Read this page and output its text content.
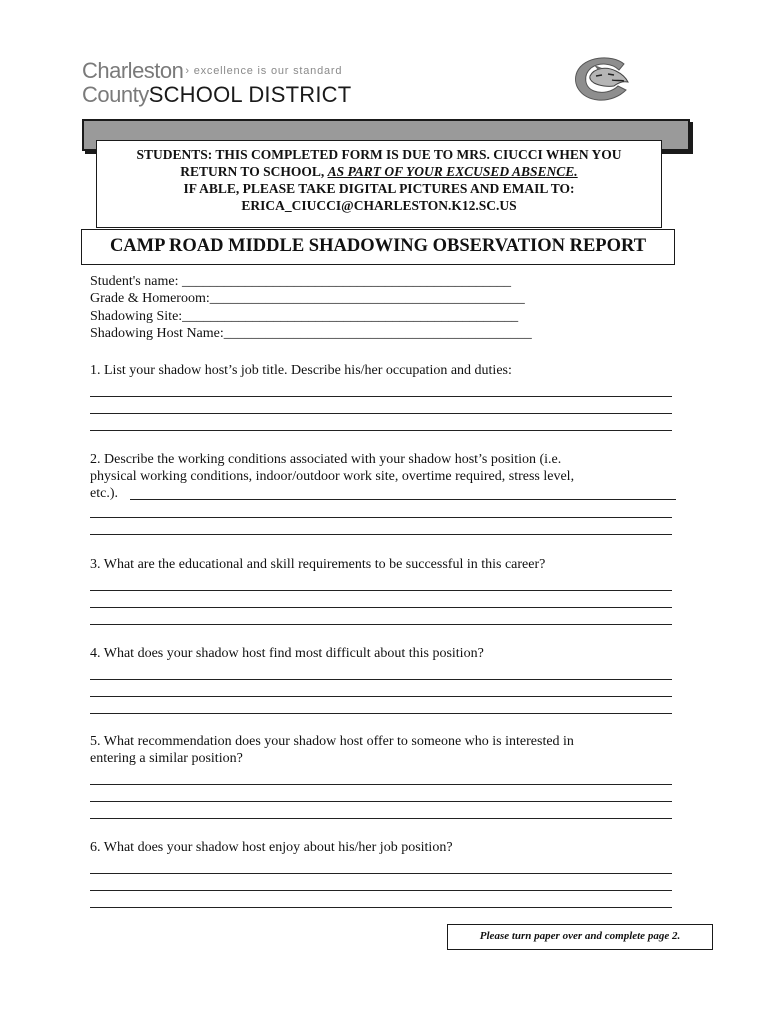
Charleston › excellence is our standard
CountySCHOOL DISTRICT
STUDENTS: THIS COMPLETED FORM IS DUE TO MRS. CIUCCI WHEN YOU
RETURN TO SCHOOL, AS PART OF YOUR EXCUSED ABSENCE.
IF ABLE, PLEASE TAKE DIGITAL PICTURES AND EMAIL TO:
ERICA_CIUCCI@CHARLESTON.K12.SC.US
CAMP ROAD MIDDLE SHADOWING OBSERVATION REPORT
Student's name: _______________________________________________
Grade & Homeroom:_____________________________________________
Shadowing Site:________________________________________________
Shadowing Host Name:____________________________________________
1. List your shadow host’s job title. Describe his/her occupation and duties:
2. Describe the working conditions associated with your shadow host’s position (i.e.
physical working conditions, indoor/outdoor work site, overtime required, stress level,
etc.).
3. What are the educational and skill requirements to be successful in this career?
4. What does your shadow host find most difficult about this position?
5. What recommendation does your shadow host offer to someone who is interested in
entering a similar position?
6. What does your shadow host enjoy about his/her job position?
Please turn paper over and complete page 2.
